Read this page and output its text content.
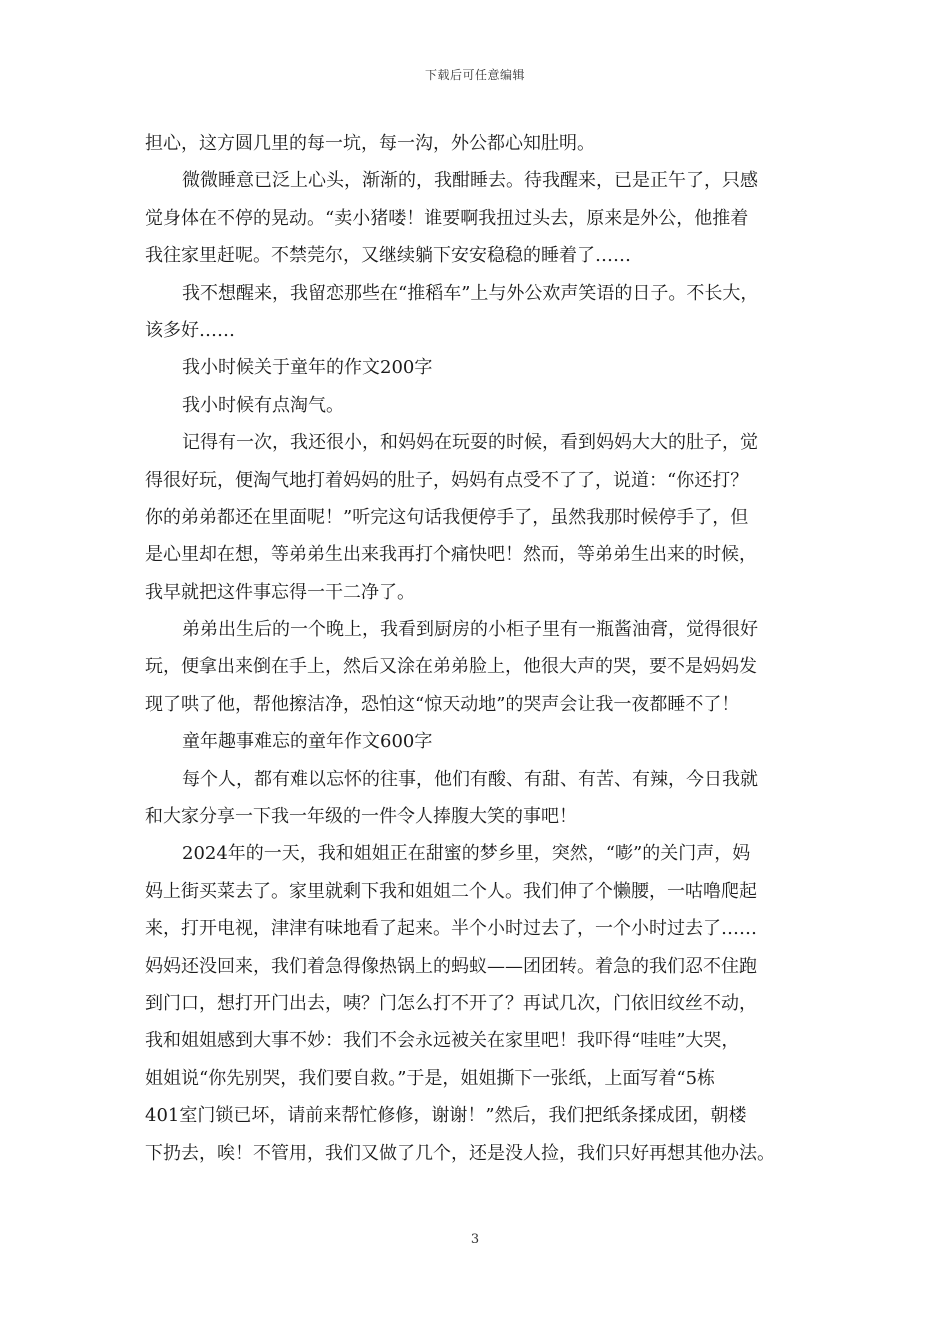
下载后可任意编辑
担心，这方圆几里的每一坑，每一沟，外公都心知肚明。
微微睡意已泛上心头，渐渐的，我酣睡去。待我醒来，已是正午了，只感
觉身体在不停的晃动。“卖小猪喽！谁要啊我扭过头去，原来是外公，他推着
我往家里赶呢。不禁莞尔，又继续躺下安安稳稳的睡着了……
我不想醒来，我留恋那些在“推稻车”上与外公欢声笑语的日子。不长大，
该多好……
我小时候关于童年的作文200字
我小时候有点淘气。
记得有一次，我还很小，和妈妈在玩耍的时候，看到妈妈大大的肚子，觉
得很好玩，便淘气地打着妈妈的肚子，妈妈有点受不了了，说道：“你还打？
你的弟弟都还在里面呢！”听完这句话我便停手了，虽然我那时候停手了，但
是心里却在想，等弟弟生出来我再打个痛快吧！然而，等弟弟生出来的时候，
我早就把这件事忘得一干二净了。
弟弟出生后的一个晚上，我看到厨房的小柜子里有一瓶酱油膏，觉得很好
玩，便拿出来倒在手上，然后又涂在弟弟脸上，他很大声的哭，要不是妈妈发
现了哄了他，帮他擦洁净，恐怕这“惊天动地”的哭声会让我一夜都睡不了！
童年趣事难忘的童年作文600字
每个人，都有难以忘怀的往事，他们有酸、有甜、有苦、有辣，今日我就
和大家分享一下我一年级的一件令人捧腹大笑的事吧！
2024年的一天，我和姐姐正在甜蜜的梦乡里，突然，“嘭”的关门声，妈
妈上街买菜去了。家里就剩下我和姐姐二个人。我们伸了个懒腰，一咕噜爬起
来，打开电视，津津有味地看了起来。半个小时过去了，一个小时过去了……
妈妈还没回来，我们着急得像热锅上的蚂蚁——团团转。着急的我们忍不住跑
到门口，想打开门出去，咦？门怎么打不开了？再试几次，门依旧纹丝不动，
我和姐姐感到大事不妙：我们不会永远被关在家里吧！我吓得“哇哇”大哭，
姐姐说“你先别哭，我们要自救。”于是，姐姐撕下一张纸，上面写着“5栋
401室门锁已坏，请前来帮忙修修，谢谢！”然后，我们把纸条揉成团，朝楼
下扔去，唉！不管用，我们又做了几个，还是没人捡，我们只好再想其他办法。
3
